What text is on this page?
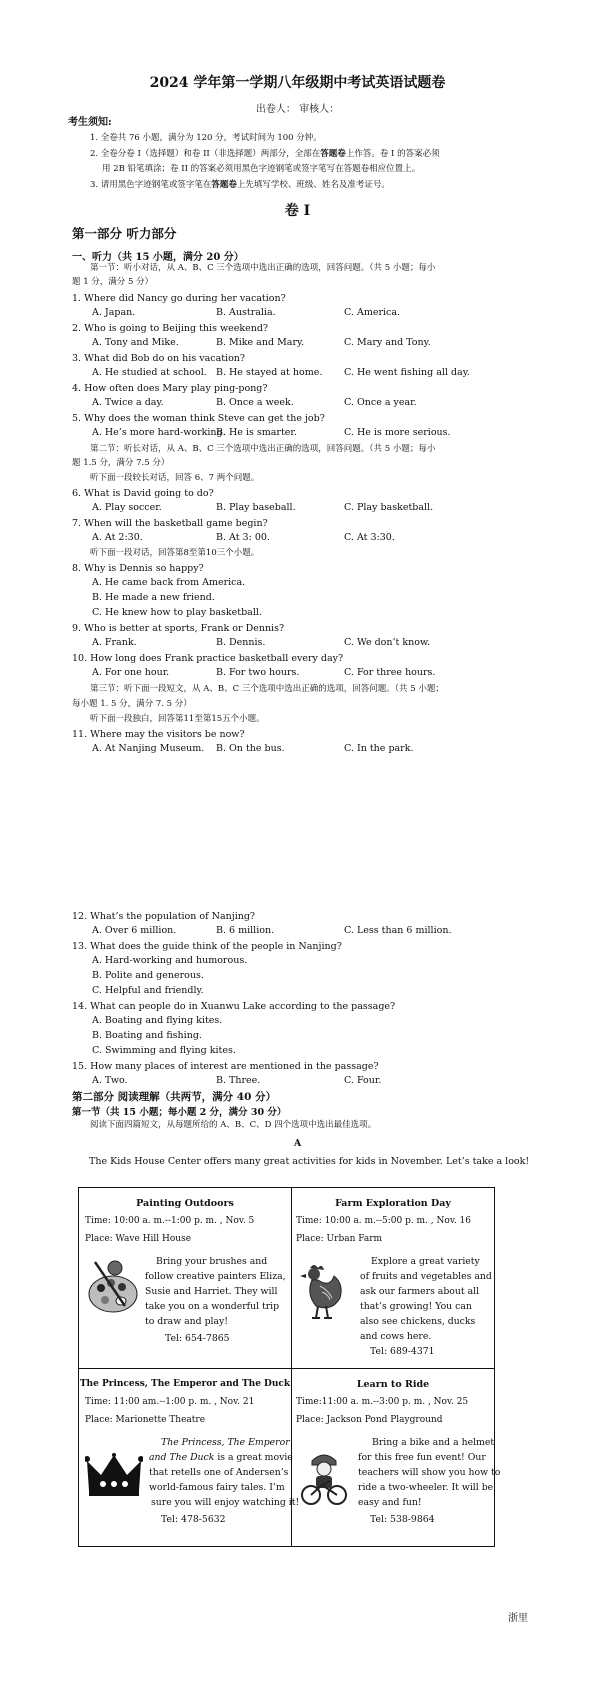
2024 学年第一学期八年级期中考试英语试题卷
出卷人： 审核人：
考生须知:
1. 全卷共 76 小题，满分为 120 分，考试时间为 100 分钟。
2. 全卷分卷 I（选择题）和卷 II（非选择题）两部分，全部在答题卷上作答。卷 I 的答案必须
用 2B 铅笔填涂；卷 II 的答案必须用黑色字迹钢笔或签字笔写在答题卷相应位置上。
3. 请用黑色字迹钢笔或签字笔在答题卷上先填写学校、班级、姓名及准考证号。
卷 I
第一部分 听力部分
一、听力（共 15 小题，满分 20 分）
第一节：听小对话，从 A、B、C 三个选项中选出正确的选项，回答问题。（共 5 小题；每小
题 1 分，满分 5 分）
第二节：听长对话，从 A、B、C 三个选项中选出正确的选项，回答问题。（共 5 小题；每小
题 1.5 分，满分 7.5 分）
听下面一段较长对话，回答 6、7 两个问题。
听下面一段对话，回答第8至第10三个小题。
第三节：听下面一段短文，从 A、B、C 三个选项中选出正确的选项，回答问题。（共 5 小题；
每小题 1. 5 分，满分 7. 5 分）
听下面一段独白，回答第11至第15五个小题。
第二部分 阅读理解（共两节，满分 40 分）
第一节（共 15 小题；每小题 2 分，满分 30 分）
阅读下面四篇短文，从每题所给的 A、B、C、D 四个选项中选出最佳选项。
A
The Kids House Center offers many great activities for kids in November. Let’s take a look!
Painting Outdoors
Time: 10:00 a. m.--1:00 p. m. , Nov. 5
Place: Wave Hill House
Bring your brushes and
follow creative painters Eliza,
Susie and Harriet. They will
take you on a wonderful trip
to draw and play!
Tel: 654-7865
Farm Exploration Day
Time: 10:00 a. m.--5:00 p. m. , Nov. 16
Place: Urban Farm
Explore a great variety
of fruits and vegetables and
ask our farmers about all
that’s growing! You can
also see chickens, ducks
and cows here.
Tel: 689-4371
The Princess, The Emperor and The Duck
Time: 11:00 am.--1:00 p. m. , Nov. 21
Place: Marionette Theatre
The Princess, The Emperor
and The Duck is a great movie
that retells one of Andersen’s
world-famous fairy tales. I’m
sure you will enjoy watching it!
Tel: 478-5632
Learn to Ride
Time:11:00 a. m.--3:00 p. m. , Nov. 25
Place: Jackson Pond Playground
Bring a bike and a helmet
for this free fun event! Our
teachers will show you how to
ride a two-wheeler. It will be
easy and fun!
Tel: 538-9864
浙里
1. Where did Nancy go during her vacation?
A. Japan.	B. Australia.	C. America.
2. Who is going to Beijing this weekend?
A. Tony and Mike.	B. Mike and Mary.	C. Mary and Tony.
3. What did Bob do on his vacation?
A. He studied at school. B. He stayed at home. C. He went fishing all day.
4. How often does Mary play ping-pong?
A. Twice a day.	B. Once a week.	C. Once a year.
5. Why does the woman think Steve can get the job?
A. He’s more hard-working.
B. He is smarter.	C. He is more serious.
6. What is David going to do?
A. Play soccer.	B. Play baseball.	C. Play basketball.
7. When will the basketball game begin?
A. At 2:30.	B. At 3: 00.	C. At 3:30.
8. Why is Dennis so happy?
A. He came back from America.
B. He made a new friend.
C. He knew how to play basketball.
9. Who is better at sports, Frank or Dennis?
A. Frank.	B. Dennis.	C. We don’t know.
10. How long does Frank practice basketball every day?
A. For one hour.	B. For two hours.	C. For three hours.
11. Where may the visitors be now?
A. At Nanjing Museum. B. On the bus.	C. In the park.
12. What’s the population of Nanjing?
A. Over 6 million.	B. 6 million.	C. Less than 6 million.
13. What does the guide think of the people in Nanjing?
A. Hard-working and humorous.
B. Polite and generous.
C. Helpful and friendly.
14. What can people do in Xuanwu Lake according to the passage?
A. Boating and flying kites.
B. Boating and fishing.
C. Swimming and flying kites.
15. How many places of interest are mentioned in the passage?
A. Two.	B. Three.	C. Four.
